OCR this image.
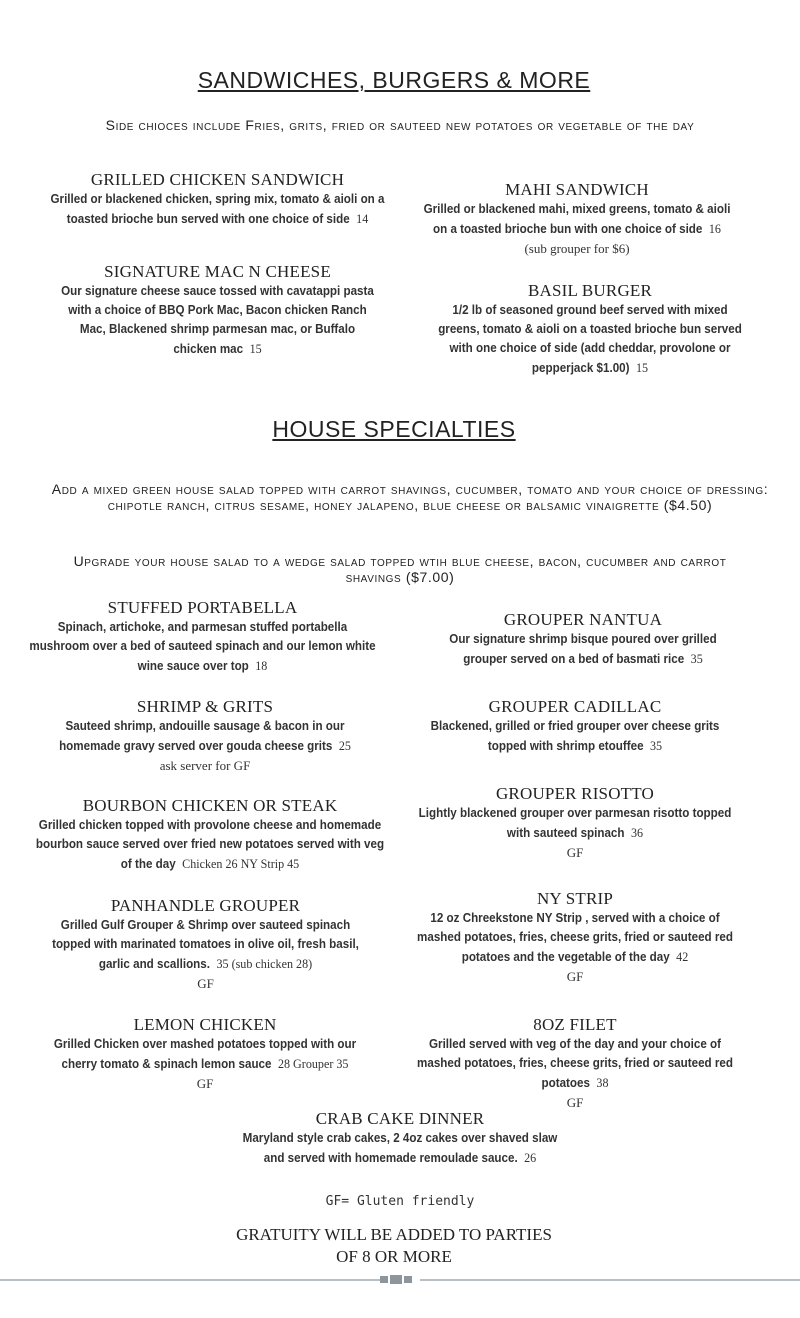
SANDWICHES, BURGERS & MORE
Side chioces include Fries, grits, fried or sauteed new potatoes or vegetable of the day
GRILLED CHICKEN SANDWICH
Grilled or blackened chicken, spring mix, tomato & aioli on a toasted brioche bun served with one choice of side 14
MAHI SANDWICH
Grilled or blackened mahi, mixed greens, tomato & aioli on a toasted brioche bun with one choice of side 16
(sub grouper for $6)
SIGNATURE MAC N CHEESE
Our signature cheese sauce tossed with cavatappi pasta with a choice of BBQ Pork Mac, Bacon chicken Ranch Mac, Blackened shrimp parmesan mac, or Buffalo chicken mac 15
BASIL BURGER
1/2 lb of seasoned ground beef served with mixed greens, tomato & aioli on a toasted brioche bun served with one choice of side (add cheddar, provolone or pepperjack $1.00) 15
HOUSE SPECIALTIES
Add a mixed green house salad topped with carrot shavings, cucumber, tomato and your choice of dressing: chipotle ranch, citrus sesame, honey jalapeno, blue cheese or balsamic vinaigrette ($4.50)
Upgrade your house salad to a wedge salad topped wtih blue cheese, bacon, cucumber and carrot shavings ($7.00)
STUFFED PORTABELLA
Spinach, artichoke, and parmesan stuffed portabella mushroom over a bed of sauteed spinach and our lemon white wine sauce over top 18
GROUPER NANTUA
Our signature shrimp bisque poured over grilled grouper served on a bed of basmati rice 35
SHRIMP & GRITS
Sauteed shrimp, andouille sausage & bacon in our homemade gravy served over gouda cheese grits 25
ask server for GF
GROUPER CADILLAC
Blackened, grilled or fried grouper over cheese grits topped with shrimp etouffee 35
GROUPER RISOTTO
Lightly blackened grouper over parmesan risotto topped with sauteed spinach 36
GF
BOURBON CHICKEN OR STEAK
Grilled chicken topped with provolone cheese and homemade bourbon sauce served over fried new potatoes served with veg of the day Chicken 26 NY Strip 45
NY STRIP
12 oz Chreekstone NY Strip , served with a choice of mashed potatoes, fries, cheese grits, fried or sauteed red potatoes and the vegetable of the day 42
GF
PANHANDLE GROUPER
Grilled Gulf Grouper & Shrimp over sauteed spinach topped with marinated tomatoes in olive oil, fresh basil, garlic and scallions. 35 (sub chicken 28)
GF
8OZ FILET
Grilled served with veg of the day and your choice of mashed potatoes, fries, cheese grits, fried or sauteed red potatoes 38
GF
LEMON CHICKEN
Grilled Chicken over mashed potatoes topped with our cherry tomato & spinach lemon sauce 28 Grouper 35
GF
CRAB CAKE DINNER
Maryland style crab cakes, 2 4oz cakes over shaved slaw and served with homemade remoulade sauce. 26
GF= Gluten friendly
GRATUITY WILL BE ADDED TO PARTIES
OF 8 OR MORE
